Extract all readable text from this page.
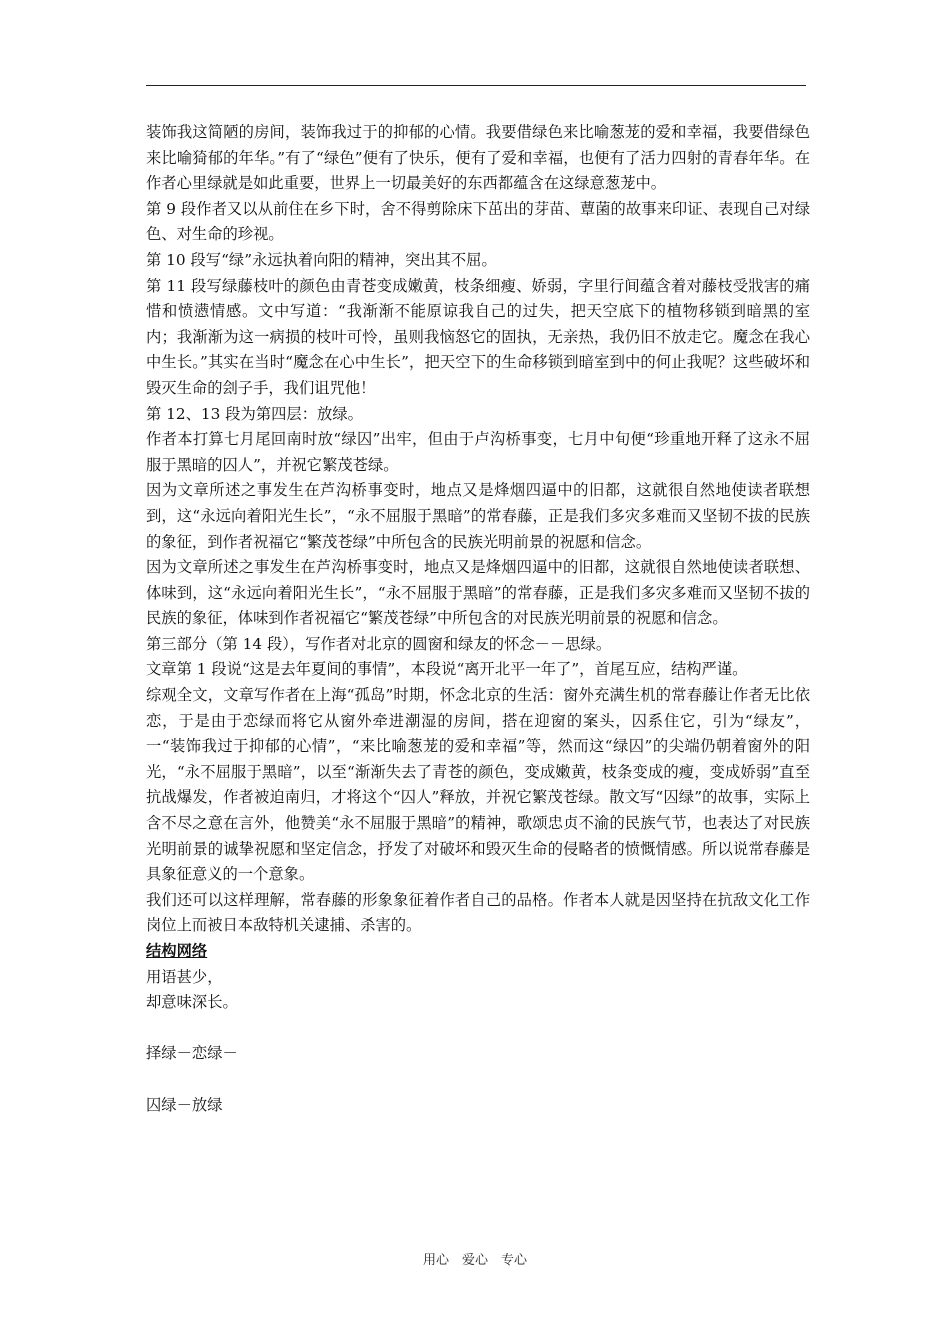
装饰我这简陋的房间，装饰我过于的抑郁的心情。我要借绿色来比喻葱茏的爱和幸福，我要借绿色来比喻猗郁的年华。”有了“绿色”便有了快乐，便有了爱和幸福，也便有了活力四射的青春年华。在作者心里绿就是如此重要，世界上一切最美好的东西都蕴含在这绿意葱茏中。

第 9 段作者又以从前住在乡下时，舍不得剪除床下茁出的芽苗、蕈菌的故事来印证、表现自己对绿色、对生命的珍视。

第 10 段写“绿”永远执着向阳的精神，突出其不屈。

第 11 段写绿藤枝叶的颜色由青苍变成嫩黄，枝条细瘦、娇弱，字里行间蕴含着对藤枝受戕害的痛惜和愤懑情感。文中写道：“我渐渐不能原谅我自己的过失，把天空底下的植物移锁到暗黑的室内；我渐渐为这一病损的枝叶可怜，虽则我恼怒它的固执，无亲热，我仍旧不放走它。魔念在我心中生长。”其实在当时“魔念在心中生长”，把天空下的生命移锁到暗室到中的何止我呢？这些破坏和毁灭生命的刽子手，我们诅咒他！

第 12、13 段为第四层：放绿。

作者本打算七月尾回南时放“绿囚”出牢，但由于卢沟桥事变，七月中旬便“珍重地开释了这永不屈服于黑暗的囚人”，并祝它繁茂苍绿。

因为文章所述之事发生在芦沟桥事变时，地点又是烽烟四逼中的旧都，这就很自然地使读者联想到，这“永远向着阳光生长”，“永不屈服于黑暗”的常春藤，正是我们多灾多难而又坚韧不拔的民族的象征，到作者祝福它“繁茂苍绿”中所包含的民族光明前景的祝愿和信念。

因为文章所述之事发生在芦沟桥事变时，地点又是烽烟四逼中的旧都，这就很自然地使读者联想、体味到，这“永远向着阳光生长”，“永不屈服于黑暗”的常春藤，正是我们多灾多难而又坚韧不拔的民族的象征，体味到作者祝福它“繁茂苍绿”中所包含的对民族光明前景的祝愿和信念。

第三部分（第 14 段），写作者对北京的圆窗和绿友的怀念－－思绿。

文章第 1 段说“这是去年夏间的事情”，本段说“离开北平一年了”，首尾互应，结构严谨。

综观全文，文章写作者在上海“孤岛”时期，怀念北京的生活：窗外充满生机的常春藤让作者无比依　恋，于是由于恋绿而将它从窗外牵进潮湿的房间，搭在迎窗的案头，囚系住它，引为“绿友”，一“装饰我过于抑郁的心情”，“来比喻葱茏的爱和幸福”等，然而这“绿囚”的尖端仍朝着窗外的阳光，“永不屈服于黑暗”，以至“渐渐失去了青苍的颜色，变成嫩黄，枝条变成的瘦，变成娇弱”直至抗战爆发，作者被迫南归，才将这个“囚人”释放，并祝它繁茂苍绿。散文写“囚绿”的故事，实际上含不尽之意在言外，他赞美“永不屈服于黑暗”的精神，歌颂忠贞不渝的民族气节，也表达了对民族光明前景的诚挚祝愿和坚定信念，抒发了对破坏和毁灭生命的侵略者的愤慨情感。所以说常春藤是具象征意义的一个意象。

我们还可以这样理解，常春藤的形象象征着作者自己的品格。作者本人就是因坚持在抗敌文化工作岗位上而被日本敌特机关逮捕、杀害的。

结构网络

用语甚少，

却意味深长。

择绿－恋绿－

囚绿－放绿

用心　爱心　专心
